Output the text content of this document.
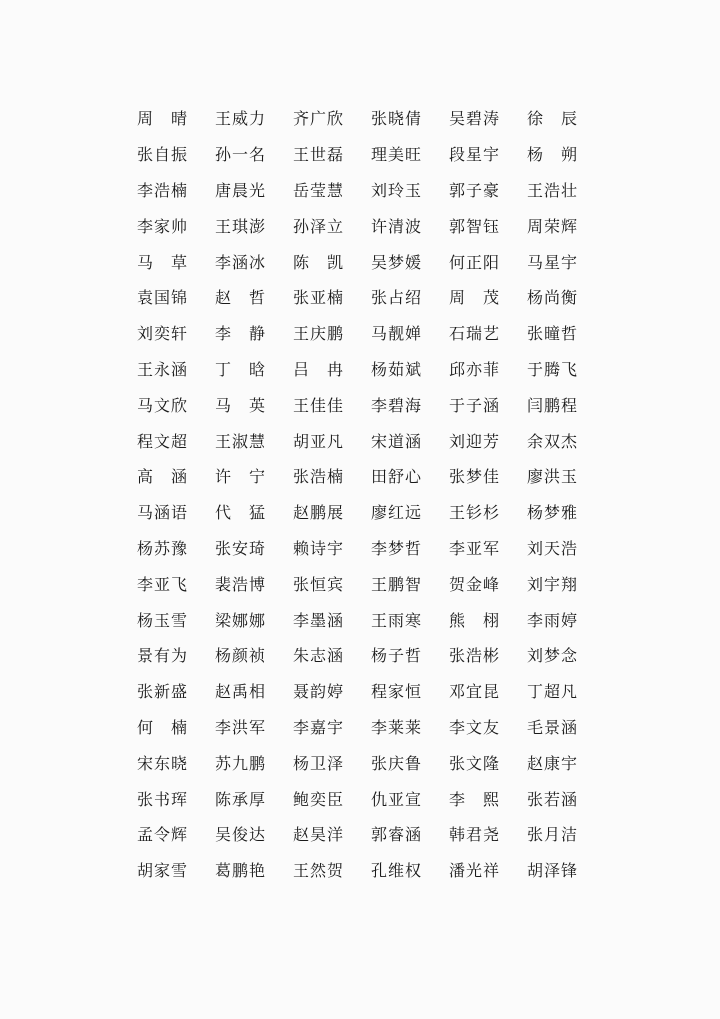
周　晴	王威力	齐广欣	张晓倩	吴碧涛	徐　辰
张自振	孙一名	王世磊	理美旺	段星宇	杨　朔
李浩楠	唐晨光	岳莹慧	刘玲玉	郭子豪	王浩壮
李家帅	王琪澎	孙泽立	许清波	郭智钰	周荣辉
马　草	李涵冰	陈　凯	吴梦媛	何正阳	马星宇
袁国锦	赵　哲	张亚楠	张占绍	周　茂	杨尚衡
刘奕轩	李　静	王庆鹏	马靓婵	石瑞艺	张曈哲
王永涵	丁　晗	吕　冉	杨茹斌	邱亦菲	于腾飞
马文欣	马　英	王佳佳	李碧海	于子涵	闫鹏程
程文超	王淑慧	胡亚凡	宋道涵	刘迎芳	余双杰
高　涵	许　宁	张浩楠	田舒心	张梦佳	廖洪玉
马涵语	代　猛	赵鹏展	廖红远	王钐杉	杨梦雅
杨苏豫	张安琦	赖诗宇	李梦哲	李亚军	刘天浩
李亚飞	裴浩博	张恒宾	王鹏智	贺金峰	刘宇翔
杨玉雪	梁娜娜	李墨涵	王雨寒	熊　栩	李雨婷
景有为	杨颜祯	朱志涵	杨子哲	张浩彬	刘梦念
张新盛	赵禹相	聂韵婷	程家恒	邓宜昆	丁超凡
何　楠	李洪军	李嘉宇	李莱莱	李文友	毛景涵
宋东晓	苏九鹏	杨卫泽	张庆鲁	张文隆	赵康宇
张书珲	陈承厚	鲍奕臣	仇亚宣	李　熙	张若涵
孟令辉	吴俊达	赵昊洋	郭睿涵	韩君尧	张月洁
胡家雪	葛鹏艳	王然贺	孔维权	潘光祥	胡泽锋
